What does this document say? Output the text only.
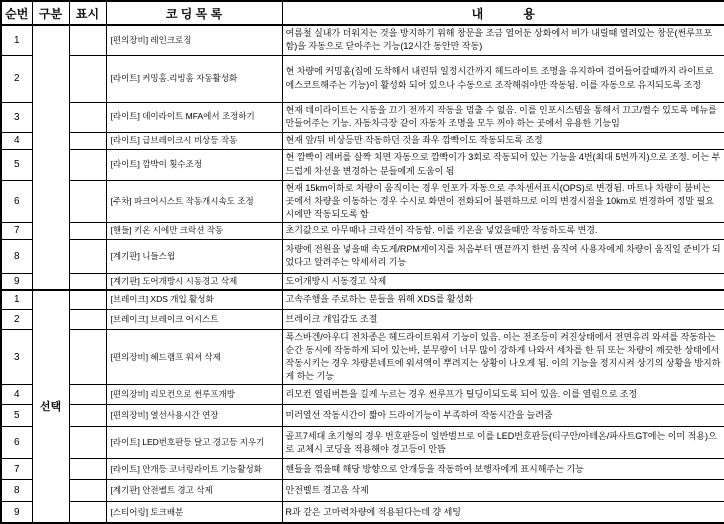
순번	구분	표시	코 딩 목 록	내            용
1			[편의장비] 레인크로징	여름철 실내가 더워지는 것을 방지하기 위해 창문을 조금 열어둔 상화에서 비가 내릴때 열려있는 창문(썬루프포함)을 자동으로 닫아주는 기능(12시간 동안만 작동)
2			[라이트] 커밍홈.리빙홈 자동활성화	현 차량에 커밍홈(집에 도착해서 내린뒤 일정시간까지 헤드라이트 조명을 유지하여 걸어들어갈때까지 라이트로 에스코트해주는 기능)이 활성화 되어 있으나 수동으로 조작해줘야만 작동됨. 이를 자동으로 유지되도록 조정
3			[라이트] 데이라이트 MFA에서 조정하기	현재 데이라이트는 시동을 끄기 전까지 작동을 멈출 수 없음. 이를 인포시스템을 통해서 끄고/켤수 있도록 메뉴를 만들어주는 기능. 자동차극장 같이 자동차 조명을 모두 꺼야 하는 곳에서 유용한 기능임
4			[라이트] 급브레이크시 비상등 작동	현재 앞/뒤 비상등만 작동하던 것을 좌우 깜빡이도 작동되도록 조정
5			[라이트] 깜박이 횟수조정	현 깜빡이 레버를 살짝 치면 자동으로 깜빡이가 3회로 작동되어 있는 기능을 4번(최대 5번까지)으로 조정. 이는 부드럽게 차선을 변경하는 분들에게 도움이 됨
6			[주차] 파크어시스트 작동개시속도 조정	현재 15km이하로 차량이 움직이는 경우 인포가 자동으로 주차센서표시(OPS)로 변경됨. 마트나 차량이 붐비는 곳에서 차량을 이동하는 경우 수시로 화면이 전화되어 불편하므로 이의 변경시점을 10km로 변경하여 정말 필요시에만 작동되도록 함
7			[핸들] 키온 시에만 크락션 작동	초기값으로 아무때나 크락션이 작동함. 이를 키온을 넣었을때만 작동하도록 변경.
8			[계기판] 니들스윕	차량에 전원을 넣을때 속도게/RPM게이지를 처음부터 맨끝까지 한번 움직여 사용자에게 차량이 움직일 준비가 되었다고 알려주는 악세서리 기능
9			[계기판] 도어개방시 시동경고 삭제	도어개방시 시동경고 삭제
1	선택		[브레이크] XDS 개입 활성화	고속주행을 주로하는 분들을 위해 XDS를 활성화
2			[브레이크] 브레이크 어시스트	브레이크 개입감도 조절
3			[편의장비] 헤드램프 워셔 삭제	폭스바겐/아우디 전차종은 헤드라이트워셔 기능이 있음. 이는 전조등이 켜진상태에서 전면유리 와셔를 작동하는 순간 동시에 작동하게 되어 있는바, 분무량이 너무 많이 강하게 나와서 세차를 한 뒤 또는 차량이 깨끗한 상태에서 작동시키는 경우 차량본네트에 워셔액이 뿌려지는 상황이 나오게 됨. 이의 기능을 정지시켜 상기의 상황을 방지하게 하는 기능
4			[편의장비] 리모컨으로 썬루프개방	리모컨 열림버튼을 길게 누르는 경우 썬루프가 틸딩이되도록 되어 있음. 이를 열림으로 조정
5			[편의장비] 열선사용시간 연장	미러열선 작동시간이 짧아 드라이기능이 부족하여 작동시간을 늘려줌
6			[라이트] LED번호판등 달고 경고등 지우기	골프7세대 초기형의 경우 번호판등이 일반벌브로 이를 LED번호판등(티구안/아테온/파사트GT에는 이미 적용)으로 교체시 코딩을 적용해야 경고등이 안뜸
7			[라이트] 안개등 코너링라이트 기능활성화	핸들을 꺾을때 해당 방향으로 안개등을 작동하여 보행자에게 표시해주는 기능
8			[계기판] 안전벨트 경고 삭제	안전벨트 경고음 삭제
9			[스티어링] 토크배분	R과 같은 고마력차량에 적용된다는데 걍 세팅
